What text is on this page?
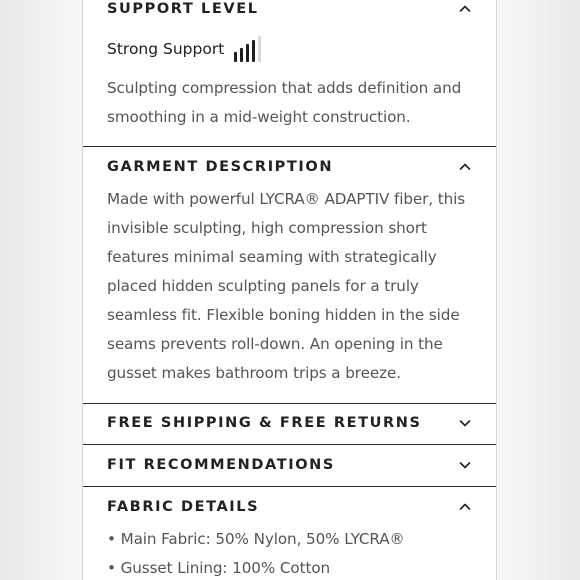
SUPPORT LEVEL
Strong Support
Sculpting compression that adds definition and smoothing in a mid-weight construction.
GARMENT DESCRIPTION
Made with powerful LYCRA® ADAPTIV fiber, this invisible sculpting, high compression short features minimal seaming with strategically placed hidden sculpting panels for a truly seamless fit. Flexible boning hidden in the side seams prevents roll-down. An opening in the gusset makes bathroom trips a breeze.
FREE SHIPPING & FREE RETURNS
FIT RECOMMENDATIONS
FABRIC DETAILS
• Main Fabric: 50% Nylon, 50% LYCRA®
• Gusset Lining: 100% Cotton
